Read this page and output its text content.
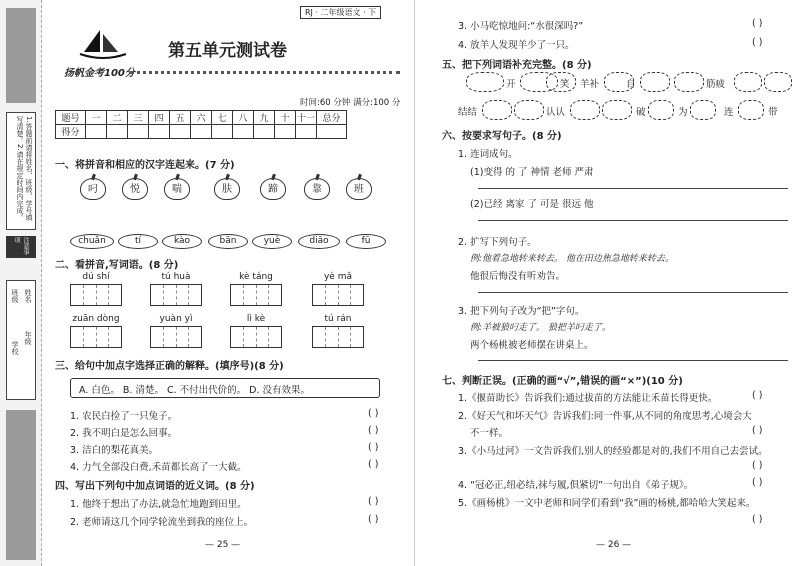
1.答题前请将姓名、班级、学号填写清楚。2.请在规定时间内完成。
注意事项
姓名
年级
班级
学校
扬帆金考100分
RJ · 二年级语文 · 下
第五单元测试卷
时间:60 分钟 满分:100 分
题号	一	二	三	四	五	六	七	八	九	十	十一	总分
得分												
一、将拼音和相应的汉字连起来。(7 分)
叼	悦	喘	肤	蹄	靠	班
chuǎn	tí	kào	bān	yuè	diāo	fū
二、看拼音,写词语。(8 分)
dú shí	tú huà	kè táng	yè mǎ
zuān dòng	yuàn yì	lì kè	tú rán
三、给句中加点字选择正确的解释。(填序号)(8 分)
A. 白色。 B. 清楚。 C. 不付出代价的。 D. 没有效果。
1. 农民白捡了一只兔子。	( )
2. 我不明白是怎么回事。	( )
3. 洁白的梨花真美。	( )
4. 力气全部没白费,禾苗都长高了一大截。	( )
四、写出下列句中加点词语的近义词。(8 分)
1. 他终于想出了办法,就急忙地跑到田里。	( )
2. 老师请这几个同学轮流坐到我的座位上。	( )
— 25 —
3. 小马吃惊地问:“水很深吗?”	( )
4. 放羊人发现羊少了一只。	( )
五、把下列词语补充完整。(8 分)
开	笑 羊补	自	筋疲
结结	认认	破	为	连	带
六、按要求写句子。(8 分)
1. 连词成句。
(1)变得 的 了 神情 老师 严肃
(2)已经 离家 了 可是 很远 他
2. 扩写下列句子。
例:他着急地转来转去。 他在田边焦急地转来转去。
他很后悔没有听劝告。
3. 把下列句子改为“把”字句。
例:羊被狼叼走了。 狼把羊叼走了。
两个杨桃被老师摆在讲桌上。
七、判断正误。(正确的画“√”,错误的画“×”)(10 分)
1.《揠苗助长》告诉我们:通过拔苗的方法能让禾苗长得更快。	( )
2.《好天气和坏天气》告诉我们:同一件事,从不同的角度思考,心境会大
不一样。	( )
3.《小马过河》一文告诉我们,别人的经验都是对的,我们不用自己去尝试。
( )
4. “冠必正,纽必结,袜与履,俱紧切”一句出自《弟子规》。	( )
5.《画杨桃》一文中老师和同学们看到“我”画的杨桃,都哈哈大笑起来。
( )
— 26 —
